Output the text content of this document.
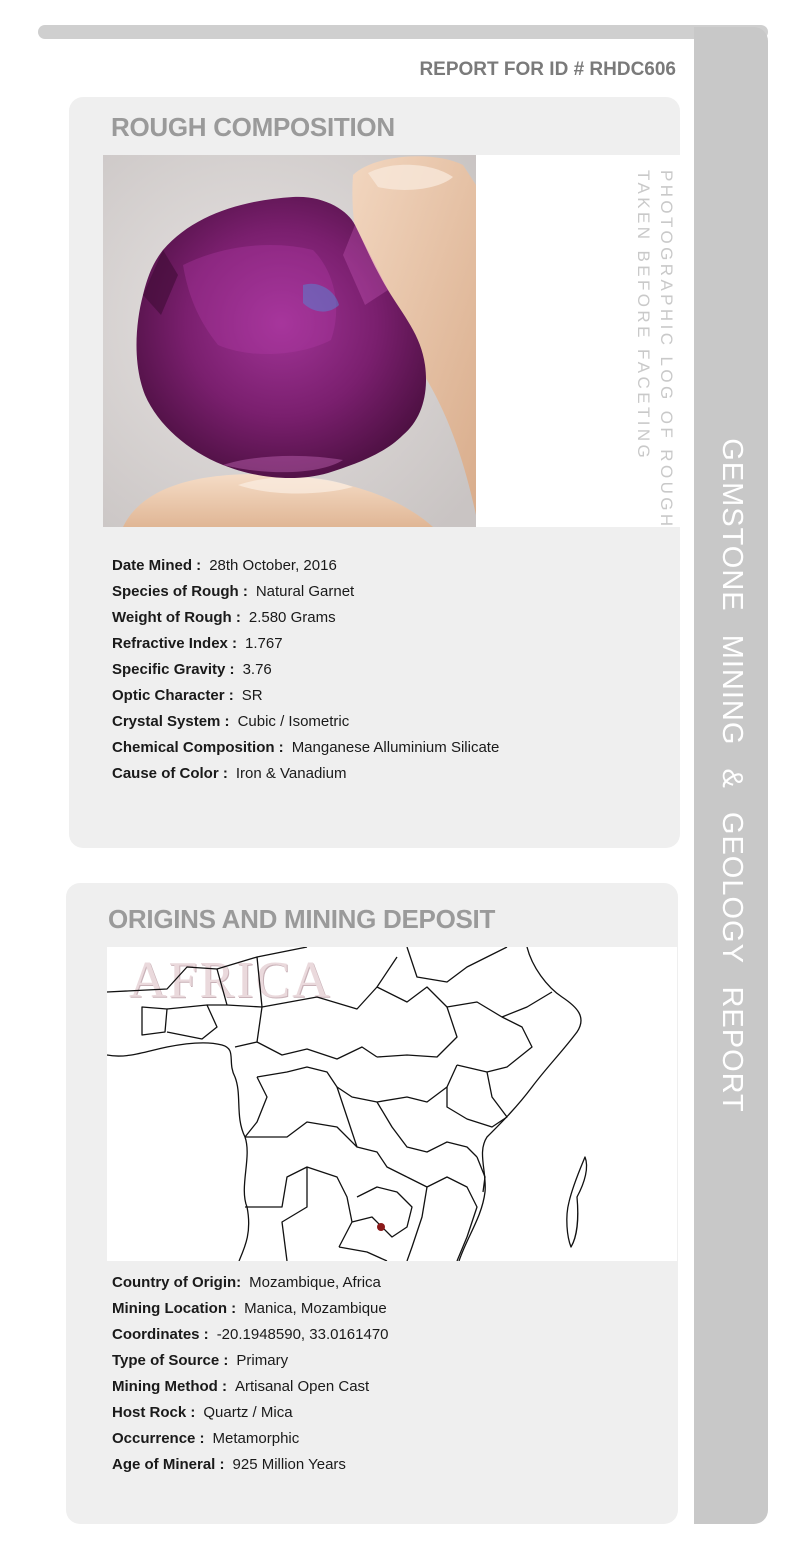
GEMSTONE MINING & GEOLOGY REPORT
REPORT FOR ID # RHDC606
ROUGH COMPOSITION
PHOTOGRAPHIC LOG OF ROUGH
TAKEN BEFORE FACETING
Date Mined : 28th October, 2016
Species of Rough : Natural Garnet
Weight of Rough : 2.580 Grams
Refractive Index : 1.767
Specific Gravity : 3.76
Optic Character : SR
Crystal System : Cubic / Isometric
Chemical Composition : Manganese Alluminium Silicate
Cause of Color : Iron & Vanadium
ORIGINS AND MINING DEPOSIT
AFRICA
Country of Origin: Mozambique, Africa
Mining Location : Manica, Mozambique
Coordinates : -20.1948590, 33.0161470
Type of Source : Primary
Mining Method : Artisanal Open Cast
Host Rock : Quartz / Mica
Occurrence : Metamorphic
Age of Mineral : 925 Million Years
